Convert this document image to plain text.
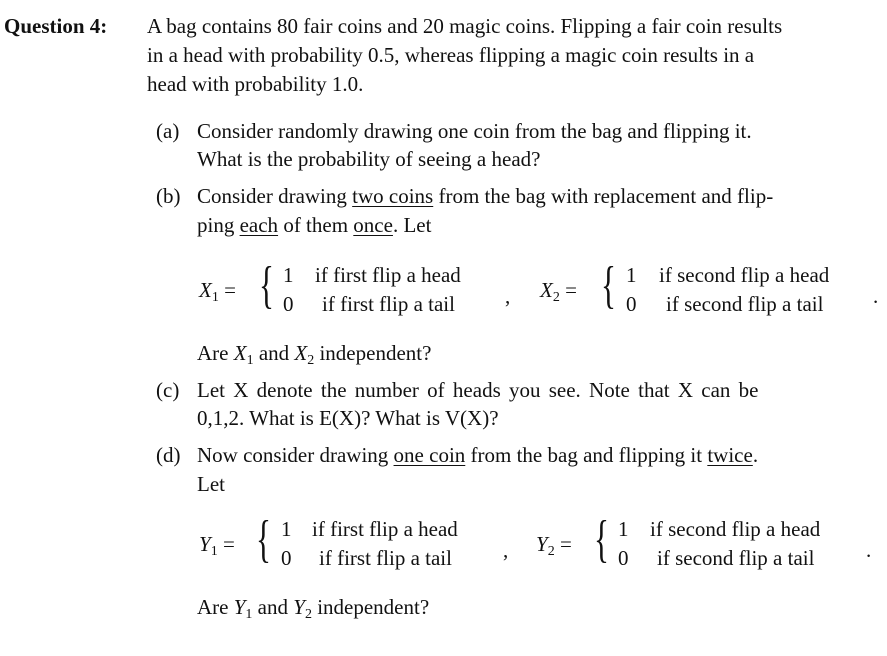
Question 4: A bag contains 80 fair coins and 20 magic coins. Flipping a fair coin results
in a head with probability 0.5, whereas flipping a magic coin results in a
head with probability 1.0.
(a) Consider randomly drawing one coin from the bag and flipping it.
What is the probability of seeing a head?
(b) Consider drawing two coins from the bag with replacement and flip-
ping each of them once. Let
$X_1$ = { 1 if first flip a head
0 if first flip a tail , $X_2$ = { 1 if second flip a head
0 if second flip a tail .
Are $X_1$ and $X_2$ independent?
(c) Let X denote the number of heads you see. Note that X can be
0,1,2. What is E(X)? What is V(X)?
(d) Now consider drawing one coin from the bag and flipping it twice.
Let
$Y_1$ = { 1 if first flip a head
0 if first flip a tail , $Y_2$ = { 1 if second flip a head
0 if second flip a tail .
Are $Y_1$ and $Y_2$ independent?
